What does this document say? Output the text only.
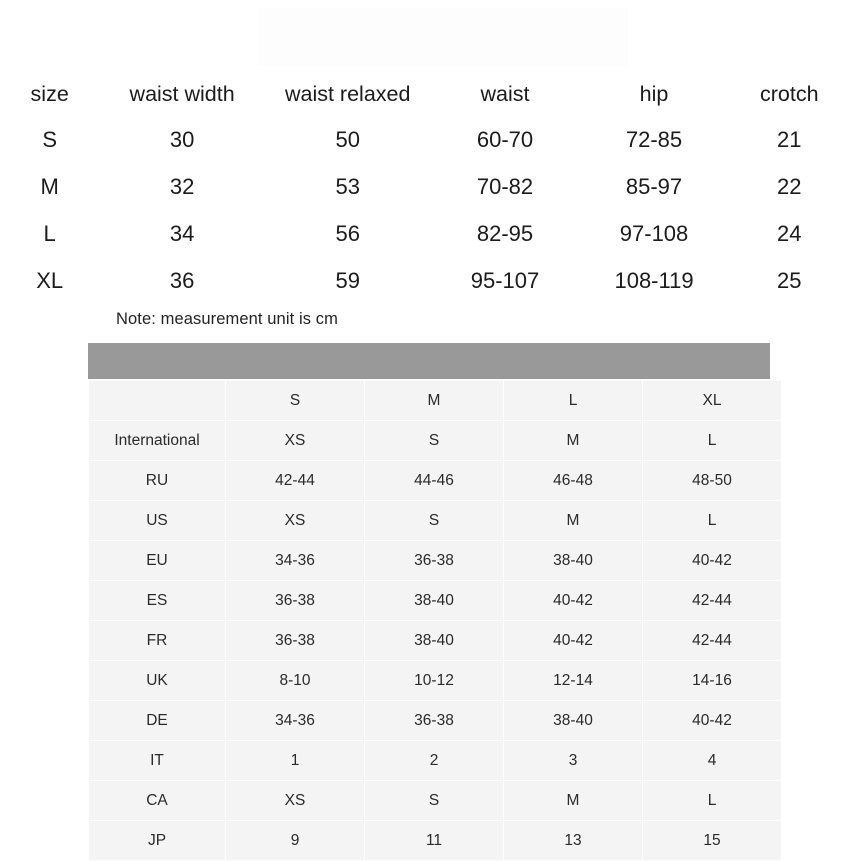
size	waist width	waist relaxed	waist	hip	crotch
S	30	50	60-70	72-85	21
M	32	53	70-82	85-97	22
L	34	56	82-95	97-108	24
XL	36	59	95-107	108-119	25
Note: measurement unit is cm
	S	M	L	XL
International	XS	S	M	L
RU	42-44	44-46	46-48	48-50
US	XS	S	M	L
EU	34-36	36-38	38-40	40-42
ES	36-38	38-40	40-42	42-44
FR	36-38	38-40	40-42	42-44
UK	8-10	10-12	12-14	14-16
DE	34-36	36-38	38-40	40-42
IT	1	2	3	4
CA	XS	S	M	L
JP	9	11	13	15
